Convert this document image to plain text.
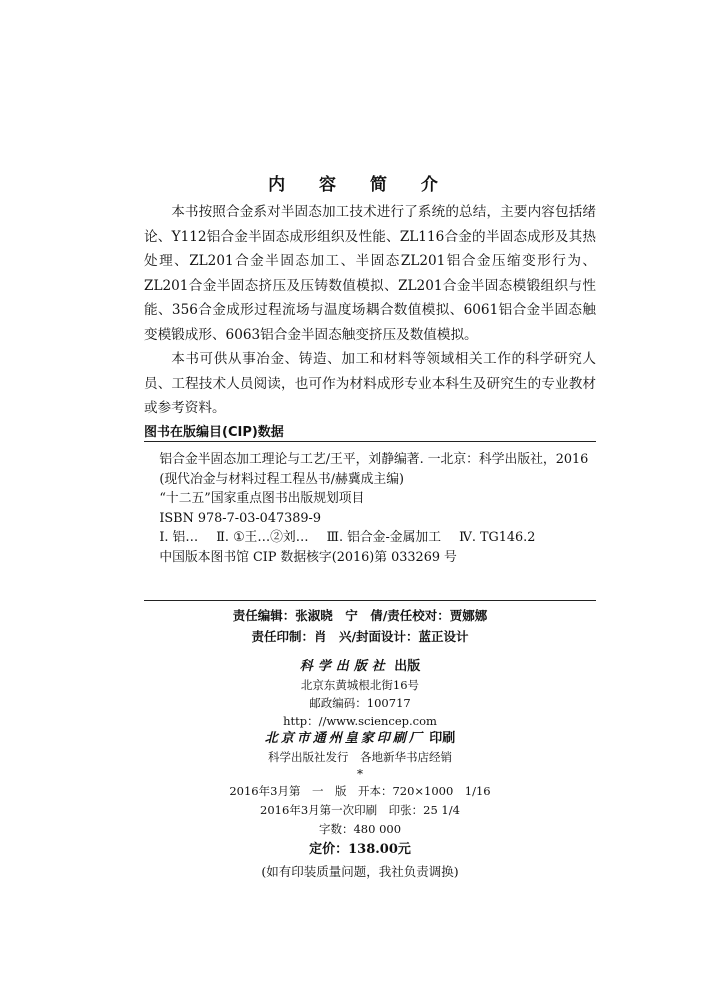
内 容 简 介

本书按照合金系对半固态加工技术进行了系统的总结，主要内容包括绪论、Y112铝合金半固态成形组织及性能、ZL116合金的半固态成形及其热处理、ZL201合金半固态加工、半固态ZL201铝合金压缩变形行为、ZL201合金半固态挤压及压铸数值模拟、ZL201合金半固态模锻组织与性能、356合金成形过程流场与温度场耦合数值模拟、6061铝合金半固态触变模锻成形、6063铝合金半固态触变挤压及数值模拟。

本书可供从事冶金、铸造、加工和材料等领域相关工作的科学研究人员、工程技术人员阅读，也可作为材料成形专业本科生及研究生的专业教材或参考资料。

图书在版编目(CIP)数据
铝合金半固态加工理论与工艺/王平，刘静编著. 一北京：科学出版社，2016
(现代冶金与材料过程工程丛书/赫冀成主编)
“十二五”国家重点图书出版规划项目
ISBN 978-7-03-047389-9
Ⅰ. 铝… Ⅱ. ①王…②刘… Ⅲ. 铝合金-金属加工 Ⅳ. TG146.2
中国版本图书馆 CIP 数据核字(2016)第 033269 号
责任编辑：张淑晓　宁　倩/责任校对：贾娜娜
责任印制：肖　兴/封面设计：蓝正设计
科学出版社 出版
北京东黄城根北街16号
邮政编码：100717
http：//www.sciencep.com
北京市通州皇家印刷厂 印刷
科学出版社发行　各地新华书店经销
*
2016年3月第　一　版　开本：720×1000　1/16
2016年3月第一次印刷　印张：25 1/4
字数：480 000
定价：138.00元
(如有印装质量问题，我社负责调换)
